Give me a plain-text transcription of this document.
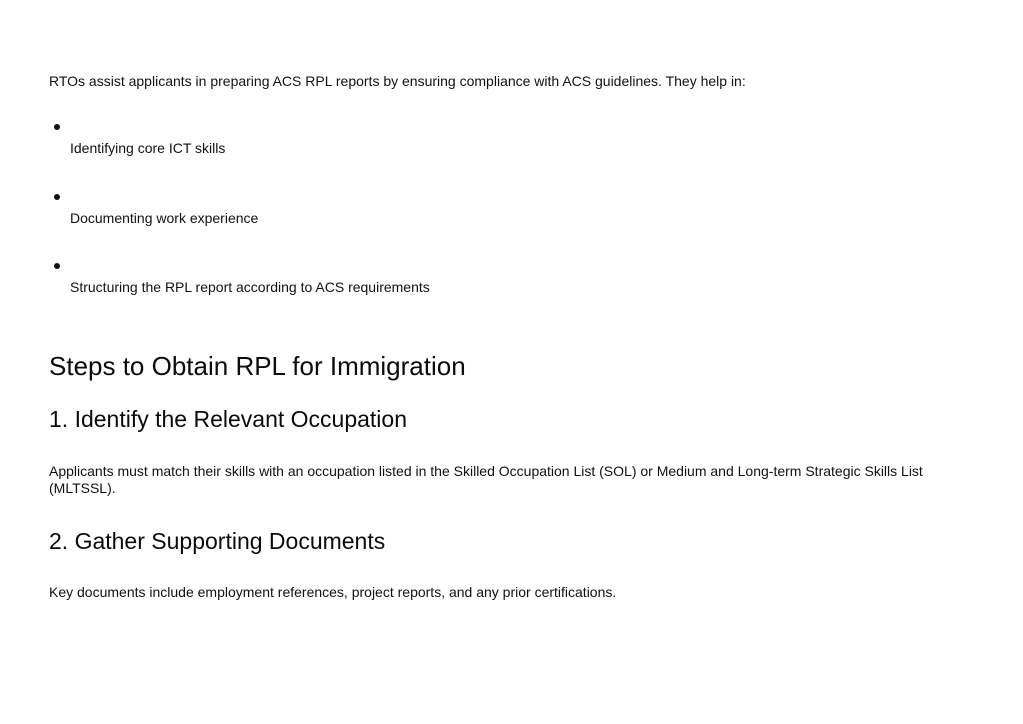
RTOs assist applicants in preparing ACS RPL reports by ensuring compliance with ACS guidelines. They help in:

Identifying core ICT skills
Documenting work experience
Structuring the RPL report according to ACS requirements
Steps to Obtain RPL for Immigration
1. Identify the Relevant Occupation

Applicants must match their skills with an occupation listed in the Skilled Occupation List (SOL) or Medium and Long-term Strategic Skills List (MLTSSL).

2. Gather Supporting Documents

Key documents include employment references, project reports, and any prior certifications.
